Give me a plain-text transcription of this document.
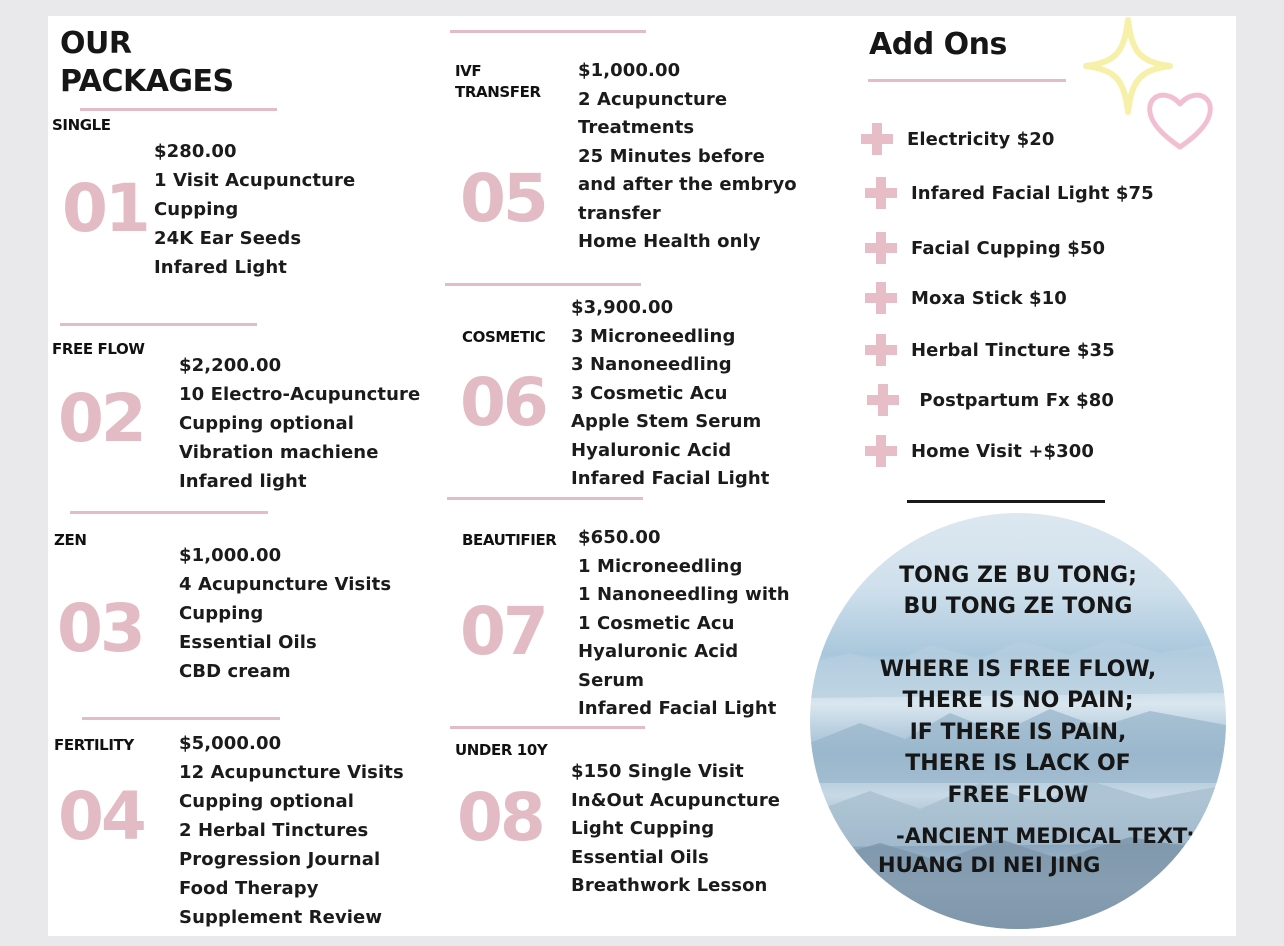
OUR
PACKAGES
SINGLE
01
$280.00
1 Visit Acupuncture
Cupping
24K Ear Seeds
Infared Light
FREE FLOW
02
$2,200.00
10 Electro-Acupuncture
Cupping optional
Vibration machiene
Infared light
ZEN
03
$1,000.00
4 Acupuncture Visits
Cupping
Essential Oils
CBD cream
FERTILITY
04
$5,000.00
12 Acupuncture Visits
Cupping optional
2 Herbal Tinctures
Progression Journal
Food Therapy
Supplement Review
IVF
TRANSFER
05
$1,000.00
2 Acupuncture
Treatments
25 Minutes before
and after the embryo
transfer
Home Health only
COSMETIC
06
$3,900.00
3 Microneedling
3 Nanoneedling
3 Cosmetic Acu
Apple Stem Serum
Hyaluronic Acid
Infared Facial Light
BEAUTIFIER
07
$650.00
1 Microneedling
1 Nanoneedling with
1 Cosmetic Acu
Hyaluronic Acid
Serum
Infared Facial Light
UNDER 10Y
08
$150 Single Visit
In&Out Acupuncture
Light Cupping
Essential Oils
Breathwork Lesson
Add Ons
Electricity $20
Infared Facial Light $75
Facial Cupping $50
Moxa Stick $10
Herbal Tincture $35
Postpartum Fx $80
Home Visit +$300
TONG ZE BU TONG;
BU TONG ZE TONG
WHERE IS FREE FLOW,
THERE IS NO PAIN;
IF THERE IS PAIN,
THERE IS LACK OF
FREE FLOW
-ANCIENT MEDICAL TEXT:
HUANG DI NEI JING
